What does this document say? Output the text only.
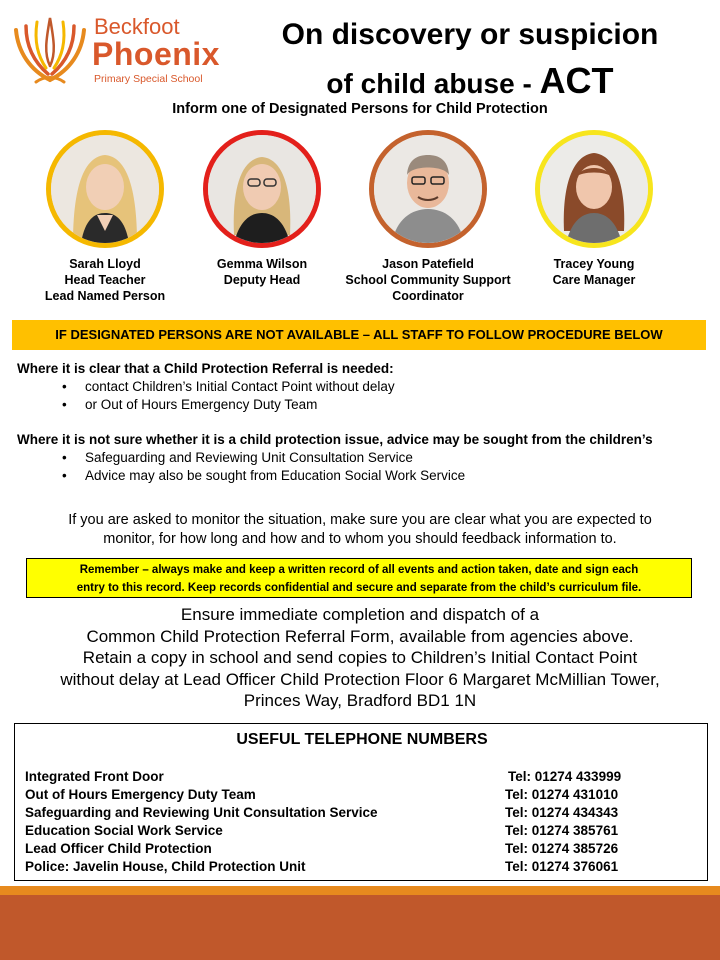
Beckfoot
Phoenix
Primary Special School
On discovery or suspicion
of child abuse - ACT
Inform one of Designated Persons for Child Protection
Sarah Lloyd
Head Teacher
Lead Named Person
Gemma Wilson
Deputy Head
Jason Patefield
School Community Support
Coordinator
Tracey Young
Care Manager
IF DESIGNATED PERSONS ARE NOT AVAILABLE – ALL STAFF TO FOLLOW PROCEDURE BELOW
Where it is clear that a Child Protection Referral is needed:
• contact Children’s Initial Contact Point without delay
• or Out of Hours Emergency Duty Team
Where it is not sure whether it is a child protection issue, advice may be sought from the children’s
• Safeguarding and Reviewing Unit Consultation Service
• Advice may also be sought from Education Social Work Service
If you are asked to monitor the situation, make sure you are clear what you are expected to
monitor, for how long and how and to whom you should feedback information to.
Remember – always make and keep a written record of all events and action taken, date and sign each
entry to this record. Keep records confidential and secure and separate from the child’s curriculum file.
Ensure immediate completion and dispatch of a
Common Child Protection Referral Form, available from agencies above.
Retain a copy in school and send copies to Children’s Initial Contact Point
without delay at Lead Officer Child Protection Floor 6 Margaret McMillian Tower,
Princes Way, Bradford BD1 1N
USEFUL TELEPHONE NUMBERS
Integrated Front Door	Tel: 01274 433999
Out of Hours Emergency Duty Team	Tel: 01274 431010
Safeguarding and Reviewing Unit Consultation Service	Tel: 01274 434343
Education Social Work Service	Tel: 01274 385761
Lead Officer Child Protection	Tel: 01274 385726
Police: Javelin House, Child Protection Unit	Tel: 01274 376061
